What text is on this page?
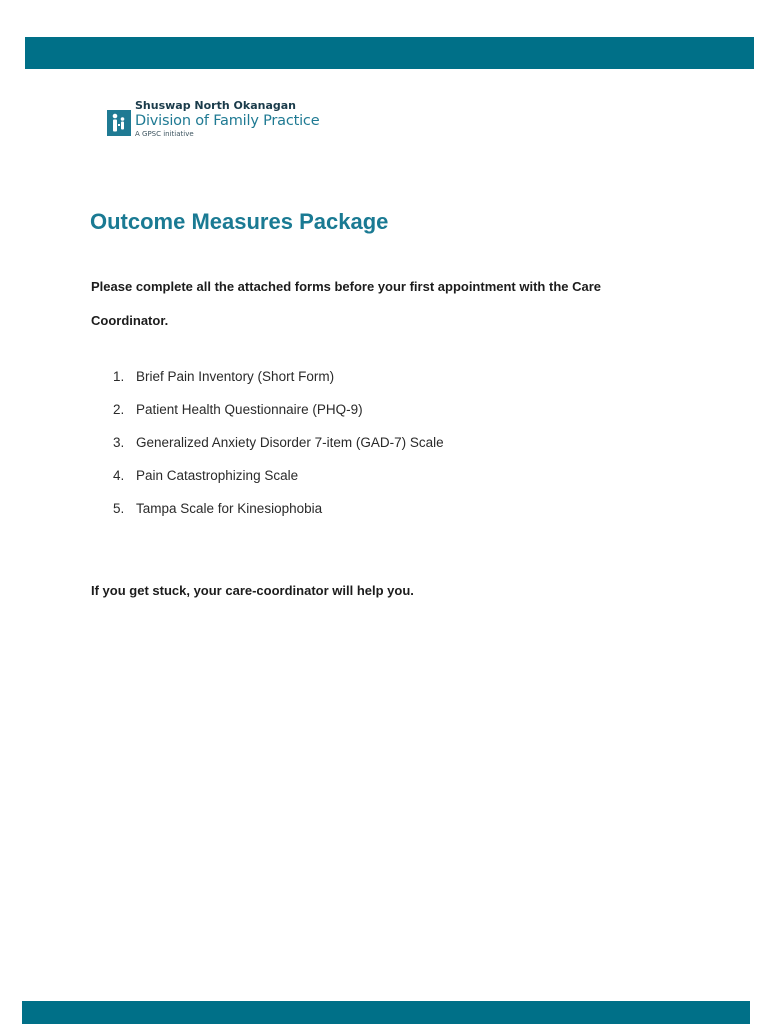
Shuswap North Okanagan
Division of Family Practice
A GPSC initiative
Outcome Measures Package

Please complete all the attached forms before your first appointment with the Care Coordinator.

1. Brief Pain Inventory (Short Form)
2. Patient Health Questionnaire (PHQ-9)
3. Generalized Anxiety Disorder 7-item (GAD-7) Scale
4. Pain Catastrophizing Scale
5. Tampa Scale for Kinesiophobia

If you get stuck, your care-coordinator will help you.
